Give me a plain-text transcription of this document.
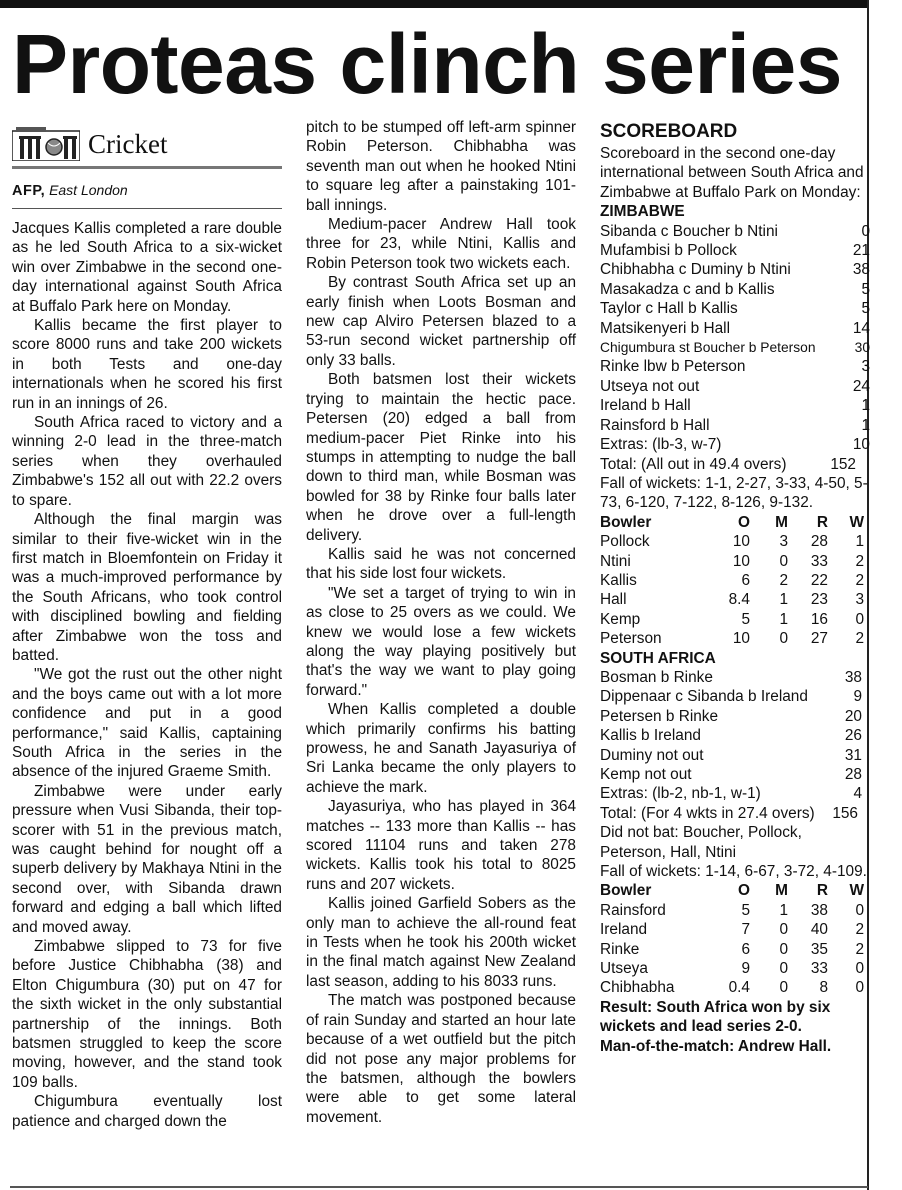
Proteas clinch series
Cricket
AFP, East London

Jacques Kallis completed a rare double as he led South Africa to a six-wicket win over Zimbabwe in the second one-day international against South Africa at Buffalo Park here on Monday.

Kallis became the first player to score 8000 runs and take 200 wickets in both Tests and one-day internationals when he scored his first run in an innings of 26.

South Africa raced to victory and a winning 2-0 lead in the three-match series when they overhauled Zimbabwe's 152 all out with 22.2 overs to spare.

Although the final margin was similar to their five-wicket win in the first match in Bloemfontein on Friday it was a much-improved performance by the South Africans, who took control with disciplined bowling and fielding after Zimbabwe won the toss and batted.

"We got the rust out the other night and the boys came out with a lot more confidence and put in a good performance," said Kallis, captaining South Africa in the series in the absence of the injured Graeme Smith.

Zimbabwe were under early pressure when Vusi Sibanda, their top-scorer with 51 in the previous match, was caught behind for nought off a superb delivery by Makhaya Ntini in the second over, with Sibanda drawn forward and edging a ball which lifted and moved away.

Zimbabwe slipped to 73 for five before Justice Chibhabha (38) and Elton Chigumbura (30) put on 47 for the sixth wicket in the only substantial partnership of the innings. Both batsmen struggled to keep the score moving, however, and the stand took 109 balls.

Chigumbura eventually lost patience and charged down the

pitch to be stumped off left-arm spinner Robin Peterson. Chibhabha was seventh man out when he hooked Ntini to square leg after a painstaking 101-ball innings.

Medium-pacer Andrew Hall took three for 23, while Ntini, Kallis and Robin Peterson took two wickets each.

By contrast South Africa set up an early finish when Loots Bosman and new cap Alviro Petersen blazed to a 53-run second wicket partnership off only 33 balls.

Both batsmen lost their wickets trying to maintain the hectic pace. Petersen (20) edged a ball from medium-pacer Piet Rinke into his stumps in attempting to nudge the ball down to third man, while Bosman was bowled for 38 by Rinke four balls later when he drove over a full-length delivery.

Kallis said he was not concerned that his side lost four wickets.

"We set a target of trying to win in as close to 25 overs as we could. We knew we would lose a few wickets along the way playing positively but that's the way we want to play going forward."

When Kallis completed a double which primarily confirms his batting prowess, he and Sanath Jayasuriya of Sri Lanka became the only players to achieve the mark.

Jayasuriya, who has played in 364 matches -- 133 more than Kallis -- has scored 11104 runs and taken 278 wickets. Kallis took his total to 8025 runs and 207 wickets.

Kallis joined Garfield Sobers as the only man to achieve the all-round feat in Tests when he took his 200th wicket in the final match against New Zealand last season, adding to his 8033 runs.

The match was postponed because of rain Sunday and started an hour late because of a wet outfield but the pitch did not pose any major problems for the batsmen, although the bowlers were able to get some lateral movement.

SCOREBOARD
Scoreboard in the second one-day international between South Africa and Zimbabwe at Buffalo Park on Monday:
ZIMBABWE
Sibanda c Boucher b Ntini	0
Mufambisi b Pollock	21
Chibhabha c Duminy b Ntini	38
Masakadza c and b Kallis	5
Taylor c Hall b Kallis	5
Matsikenyeri b Hall	14
Chigumbura st Boucher b Peterson	30
Rinke lbw b Peterson	3
Utseya not out	24
Ireland b Hall	1
Rainsford b Hall	1
Extras: (lb-3, w-7)	10
Total: (All out in 49.4 overs)	152
Fall of wickets: 1-1, 2-27, 3-33, 4-50, 5-73, 6-120, 7-122, 8-126, 9-132.
Bowler	O	M	R	W
Pollock	10	3	28	1
Ntini	10	0	33	2
Kallis	6	2	22	2
Hall	8.4	1	23	3
Kemp	5	1	16	0
Peterson	10	0	27	2
SOUTH AFRICA
Bosman b Rinke	38
Dippenaar c Sibanda b Ireland	9
Petersen b Rinke	20
Kallis b Ireland	26
Duminy not out	31
Kemp not out	28
Extras: (lb-2, nb-1, w-1)	4
Total: (For 4 wkts in 27.4 overs) 156
Did not bat: Boucher, Pollock, Peterson, Hall, Ntini
Fall of wickets: 1-14, 6-67, 3-72, 4-109.
Bowler	O	M	R	W
Rainsford	5	1	38	0
Ireland	7	0	40	2
Rinke	6	0	35	2
Utseya	9	0	33	0
Chibhabha	0.4	0	8	0
Result: South Africa won by six wickets and lead series 2-0.
Man-of-the-match: Andrew Hall.
